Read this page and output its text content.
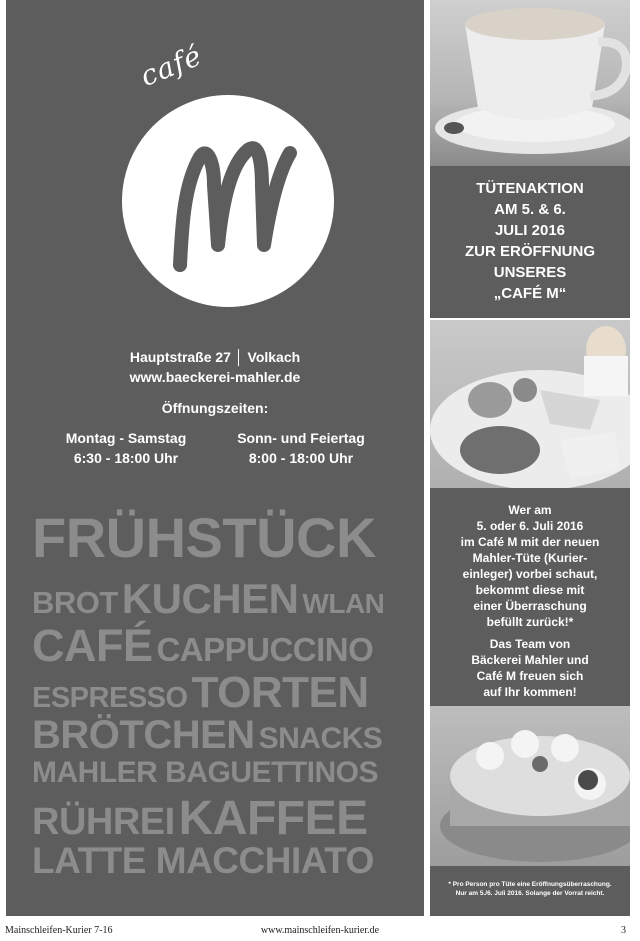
café
Hauptstraße 27 │ Volkach
www.baeckerei-mahler.de
Öffnungszeiten:
Montag - Samstag
6:30 - 18:00 Uhr
Sonn- und Feiertag
8:00 - 18:00 Uhr
FRÜHSTÜCK
BROT KUCHEN WLAN
CAFÉ CAPPUCCINO
ESPRESSO TORTEN
BRÖTCHEN SNACKS
MAHLER BAGUETTINOS
RÜHREI KAFFEE
LATTE MACCHIATO
TÜTENAKTION
AM 5. & 6.
JULI 2016
ZUR ERÖFFNUNG
UNSERES
„CAFÉ M“
Wer am
5. oder 6. Juli 2016
im Café M mit der neuen
Mahler-Tüte (Kurier-
einleger) vorbei schaut,
bekommt diese mit
einer Überraschung
befüllt zurück!*
Das Team von
Bäckerei Mahler und
Café M freuen sich
auf Ihr kommen!
* Pro Person pro Tüte eine Eröffnungsüberraschung.
Nur am 5./6. Juli 2016. Solange der Vorrat reicht.
Mainschleifen-Kurier 7-16	www.mainschleifen-kurier.de	3
